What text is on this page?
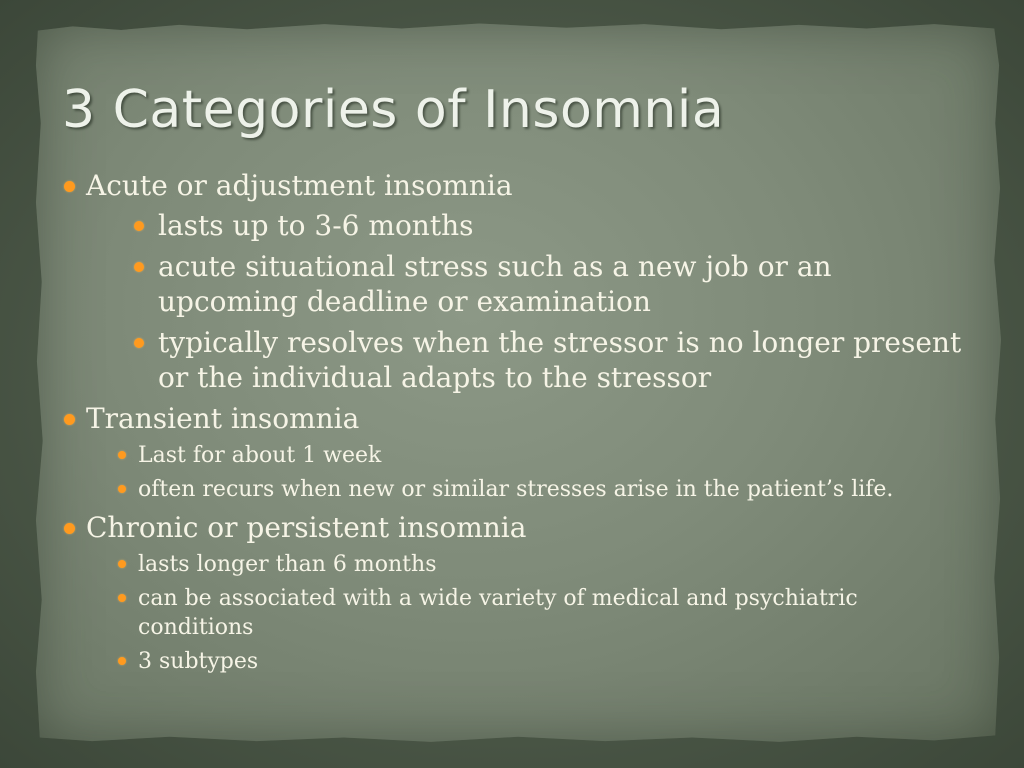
3 Categories of Insomnia
Acute or adjustment insomnia
lasts up to 3-6 months
acute situational stress such as a new job or an upcoming deadline or examination
typically resolves when the stressor is no longer present or the individual adapts to the stressor
Transient insomnia
Last for about 1 week
often recurs when new or similar stresses arise in the patient’s life.
Chronic or persistent insomnia
lasts longer than 6 months
can be associated with a wide variety of medical and psychiatric conditions
3 subtypes
